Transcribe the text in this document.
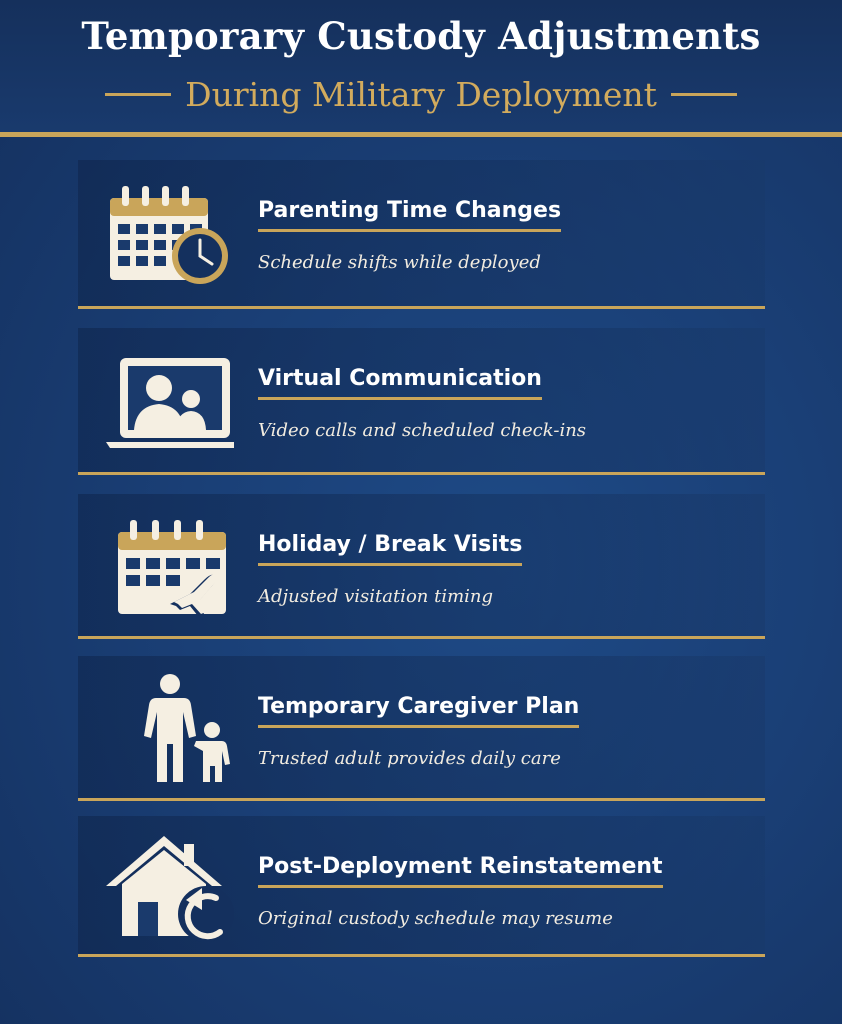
Temporary Custody Adjustments
During Military Deployment
Parenting Time Changes
Schedule shifts while deployed
Virtual Communication
Video calls and scheduled check-ins
Holiday / Break Visits
Adjusted visitation timing
Temporary Caregiver Plan
Trusted adult provides daily care
Post-Deployment Reinstatement
Original custody schedule may resume
